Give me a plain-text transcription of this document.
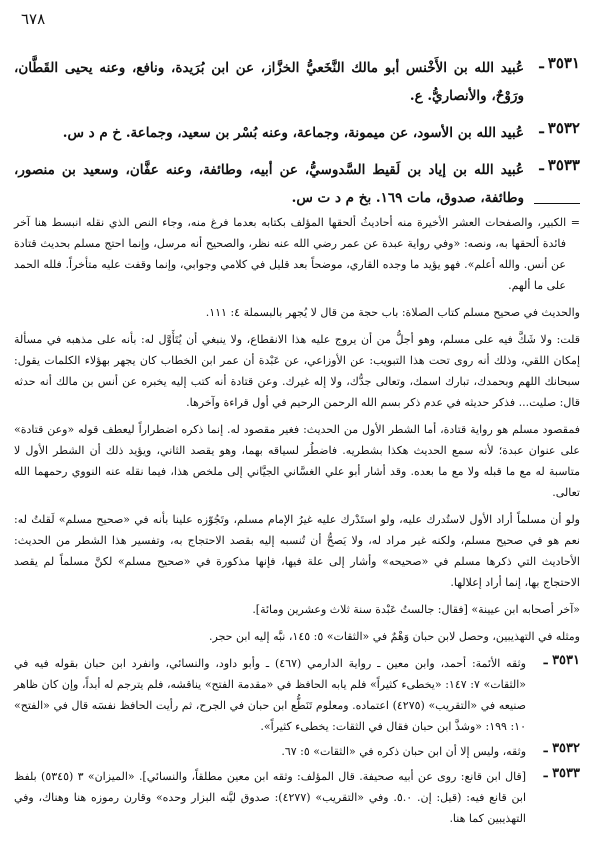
٦٧٨
٣٥٣١ـ
عُبيد الله بن الأَخْنس أبو مالك النَّخَعيُّ الخزَّاز، عن ابن بُرَيدة، ونافع، وعنه يحيى القَطَّان، ورَوْحٌ، والأنصاريُّ. ع.
٣٥٣٢ـ
عُبيد الله بن الأسود، عن ميمونة، وجماعة، وعنه بُسْر بن سعيد، وجماعة. خ م د س.
٣٥٣٣ـ
عُبيد الله بن إياد بن لَقيط السَّدوسيُّ، عن أبيه، وطائفة، وعنه عفَّان، وسعيد بن منصور، وطائفة، صدوق، مات ١٦٩. بخ م د ت س.

= الكبير، والصفحات العشر الأخيرة منه أحاديثُ ألحقها المؤلف بكتابه بعدما فرغ منه، وجاء النص الذي نقله انبسط هنا آخر فائدة ألحقها به، ونصه: «وفي رواية عبدة عن عمر رضي الله عنه نظر، والصحيح أنه مرسل، وإنما احتج مسلم بحديث قتادة عن أنس. والله أعلم». فهو يؤيد ما وجده القاري، موضحاً بعد قليل في كلامي وجوابي، وإنما وقفت عليه متأخراً. فلله الحمد على ما ألهم.

والحديث في صحيح مسلم كتاب الصلاة: باب حجة من قال لا يُجهر بالبسملة ٤: ١١١.

قلت: ولا شَكَّ فيه على مسلم، وهو أجلُّ من أن يروج عليه هذا الانقطاع، ولا ينبغي أن يُتَأَوَّل له: بأنه على مذهبه في مسألة إمكان اللقي، وذلك أنه روى تحت هذا التبويب: عن الأوزاعي، عن عَبْدة أن عمر ابن الخطاب كان يجهر بهؤلاء الكلمات يقول: سبحانك اللهم وبحمدك، تبارك اسمك، وتعالى جدُّك، ولا إله غيرك. وعن قتادة أنه كتب إليه يخبره عن أنس بن مالك أنه حدثه قال: صليت... فذكر حديثه في عدم ذكر بسم الله الرحمن الرحيم في أول قراءة وآخرها.

فمقصود مسلم هو رواية قتادة، أما الشطر الأول من الحديث: فغير مقصود له. إنما ذكره اضطراراً ليعطف قوله «وعن قتادة» على عنوان عبدة؛ لأنه سمع الحديث هكذا بشطريه. فاضطُر لسياقه بهما، وهو يقصد الثاني، ويؤيد ذلك أن الشطر الأول لا متاسبة له مع ما قبله ولا مع ما بعده. وقد أشار أبو علي الغسَّاني الجيَّاني إلى ملخص هذا، فيما نقله عنه النووي رحمهما الله تعالى.

ولو أن مسلماً أراد الأول لاستُدرك عليه، ولو استَدْرك عليه غيرُ الإمام مسلم، وتَجُوّزه علينا بأنه في «صحيح مسلم» لَقلتُ له: نعم هو في صحيح مسلم، ولكنه غير مراد له، ولا يَصحُّ أن تُنسبه إليه بقصد الاحتجاج به، وتفسير هذا الشطر من الحديث: الأحاديث التي ذكرها مسلم في «صحيحه» وأشار إلى علة فيها، فإنها مذكورة في «صحيح مسلم» لكنَّ مسلماً لم يقصد الاحتجاج بها، إنما أراد إعلالها.

«آخر أصحابه ابن عيينة» [فقال: جالستُ عَبْدة سنة ثلاث وعشرين ومائة].

ومثله في التهذيبين، وحصل لابن حبان وَهْمٌ في «الثقات» ٥: ١٤٥، نبَّه إليه ابن حجر.

٣٥٣١ ـ
وثقه الأئمة: أحمد، وابن معين ـ رواية الدارمي (٤٦٧) ـ وأبو داود، والنسائي، وانفرد ابن حبان بقوله فيه في «الثقات» ٧: ١٤٧: «يخطىء كثيراً» فلم يابه الحافظ في «مقدمة الفتح» يناقشه، فلم يترجم له أبداً، وإن كان ظاهر صنيعه في «التقريب» (٤٢٧٥) اعتماده. ومعلوم تَنَطُّع ابن حبان في الجرح، ثم رأيت الحافظ نفسَه قال في «الفتح» ١٠: ١٩٩: «وشذَّ ابن حبان فقال في الثقات: يخطىء كثيراً».
٣٥٣٢ ـ
وثقه، وليس إلا أن ابن حبان ذكره في «الثقات» ٥: ٦٧.
٣٥٣٣ ـ
[قال ابن قانع: روى عن أبيه صحيفة. قال المؤلف: وثقه ابن معين مطلقاً، والنسائي]. «الميزان» ٣ (٥٣٤٥) بلفظ ابن قانع فيه: (قيل: إن. ٥.٠. وفي «التقريب» (٤٢٧٧): صدوق ليَّنه البزار وحده» وقارن رموزه هنا وهناك، وفي التهذيبين كما هنا.
